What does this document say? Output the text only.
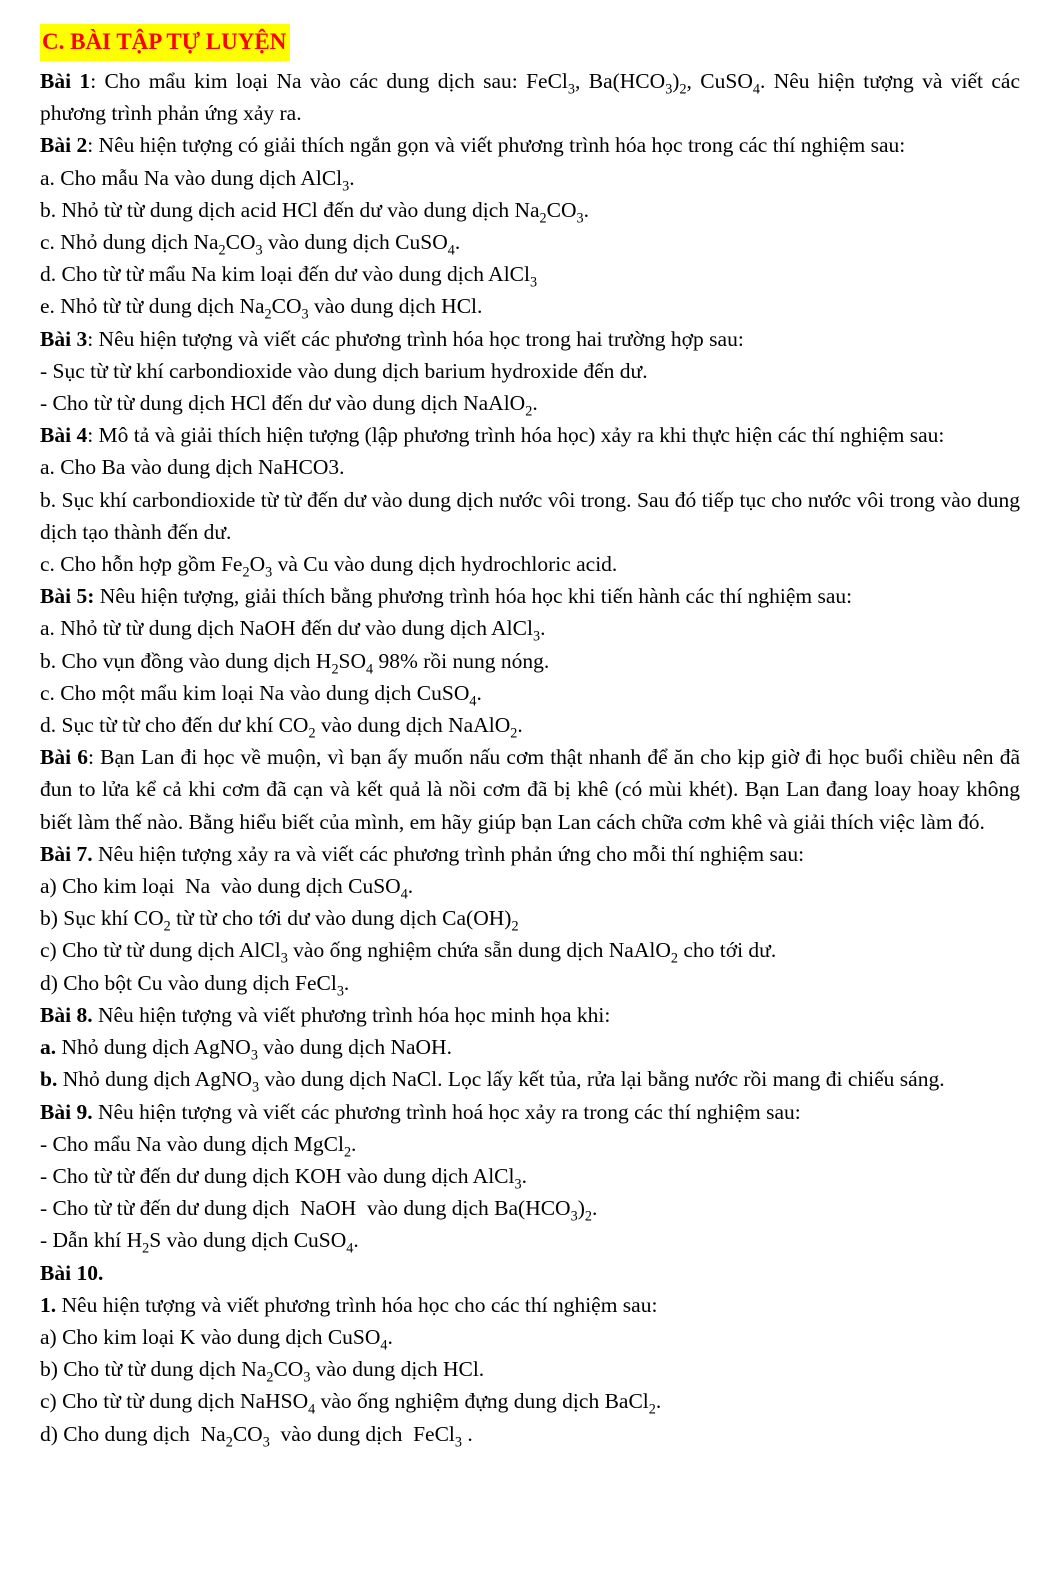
C. BÀI TẬP TỰ LUYỆN

Bài 1: Cho mẩu kim loại Na vào các dung dịch sau: FeCl$_3$, $Ba(HCO_3)_2$, CuSO$_4$. Nêu hiện tượng và viết các phương trình phản ứng xảy ra.

Bài 2: Nêu hiện tượng có giải thích ngắn gọn và viết phương trình hóa học trong các thí nghiệm sau:

a. Cho mẫu Na vào dung dịch AlCl$_3$.

b. Nhỏ từ từ dung dịch acid HCl đến dư vào dung dịch $Na_2CO_3$.

c. Nhỏ dung dịch $Na_2CO_3$ vào dung dịch CuSO$_4$.

d. Cho từ từ mẩu Na kim loại đến dư vào dung dịch AlCl$_3$

e. Nhỏ từ từ dung dịch $Na_2CO_3$ vào dung dịch HCl.

Bài 3: Nêu hiện tượng và viết các phương trình hóa học trong hai trường hợp sau:

- Sục từ từ khí carbondioxide vào dung dịch barium hydroxide đến dư.

- Cho từ từ dung dịch HCl đến dư vào dung dịch NaAlO$_2$.

Bài 4: Mô tả và giải thích hiện tượng (lập phương trình hóa học) xảy ra khi thực hiện các thí nghiệm sau:

a. Cho Ba vào dung dịch NaHCO3.

b. Sục khí carbondioxide từ từ đến dư vào dung dịch nước vôi trong. Sau đó tiếp tục cho nước vôi trong vào dung dịch tạo thành đến dư.

c. Cho hỗn hợp gồm $Fe_2O_3$ và Cu vào dung dịch hydrochloric acid.

Bài 5: Nêu hiện tượng, giải thích bằng phương trình hóa học khi tiến hành các thí nghiệm sau:

a. Nhỏ từ từ dung dịch NaOH đến dư vào dung dịch AlCl$_3$.

b. Cho vụn đồng vào dung dịch $H_2SO_4$ 98% rồi nung nóng.

c. Cho một mẩu kim loại Na vào dung dịch CuSO$_4$.

d. Sục từ từ cho đến dư khí $CO_2$ vào dung dịch NaAlO$_2$.

Bài 6: Bạn Lan đi học về muộn, vì bạn ấy muốn nấu cơm thật nhanh để ăn cho kịp giờ đi học buổi chiều nên đã đun to lửa kể cả khi cơm đã cạn và kết quả là nồi cơm đã bị khê (có mùi khét). Bạn Lan đang loay hoay không biết làm thế nào. Bằng hiểu biết của mình, em hãy giúp bạn Lan cách chữa cơm khê và giải thích việc làm đó.

Bài 7. Nêu hiện tượng xảy ra và viết các phương trình phản ứng cho mỗi thí nghiệm sau:

a) Cho kim loại  Na  vào dung dịch CuSO$_4$.

b) Sục khí $CO_2$ từ từ cho tới dư vào dung dịch $Ca(OH)_2$

c) Cho từ từ dung dịch AlCl$_3$ vào ống nghiệm chứa sẵn dung dịch NaAlO$_2$ cho tới dư.

d) Cho bột Cu vào dung dịch FeCl$_3$.

Bài 8. Nêu hiện tượng và viết phương trình hóa học minh họa khi:

a. Nhỏ dung dịch AgNO$_3$ vào dung dịch NaOH.

b. Nhỏ dung dịch AgNO$_3$ vào dung dịch NaCl. Lọc lấy kết tủa, rửa lại bằng nước rồi mang đi chiếu sáng.

Bài 9. Nêu hiện tượng và viết các phương trình hoá học xảy ra trong các thí nghiệm sau:

- Cho mẩu Na vào dung dịch MgCl$_2$.

- Cho từ từ đến dư dung dịch KOH vào dung dịch AlCl$_3$.

- Cho từ từ đến dư dung dịch  NaOH  vào dung dịch $Ba(HCO_3)_2$.

- Dẫn khí $H_2S$ vào dung dịch CuSO$_4$.

Bài 10.

1. Nêu hiện tượng và viết phương trình hóa học cho các thí nghiệm sau:

a) Cho kim loại K vào dung dịch CuSO$_4$.

b) Cho từ từ dung dịch $Na_2CO_3$ vào dung dịch HCl.

c) Cho từ từ dung dịch NaHSO$_4$ vào ống nghiệm đựng dung dịch BaCl$_2$.

d) Cho dung dịch  $Na_2CO_3$  vào dung dịch  FeCl$_3$ .
